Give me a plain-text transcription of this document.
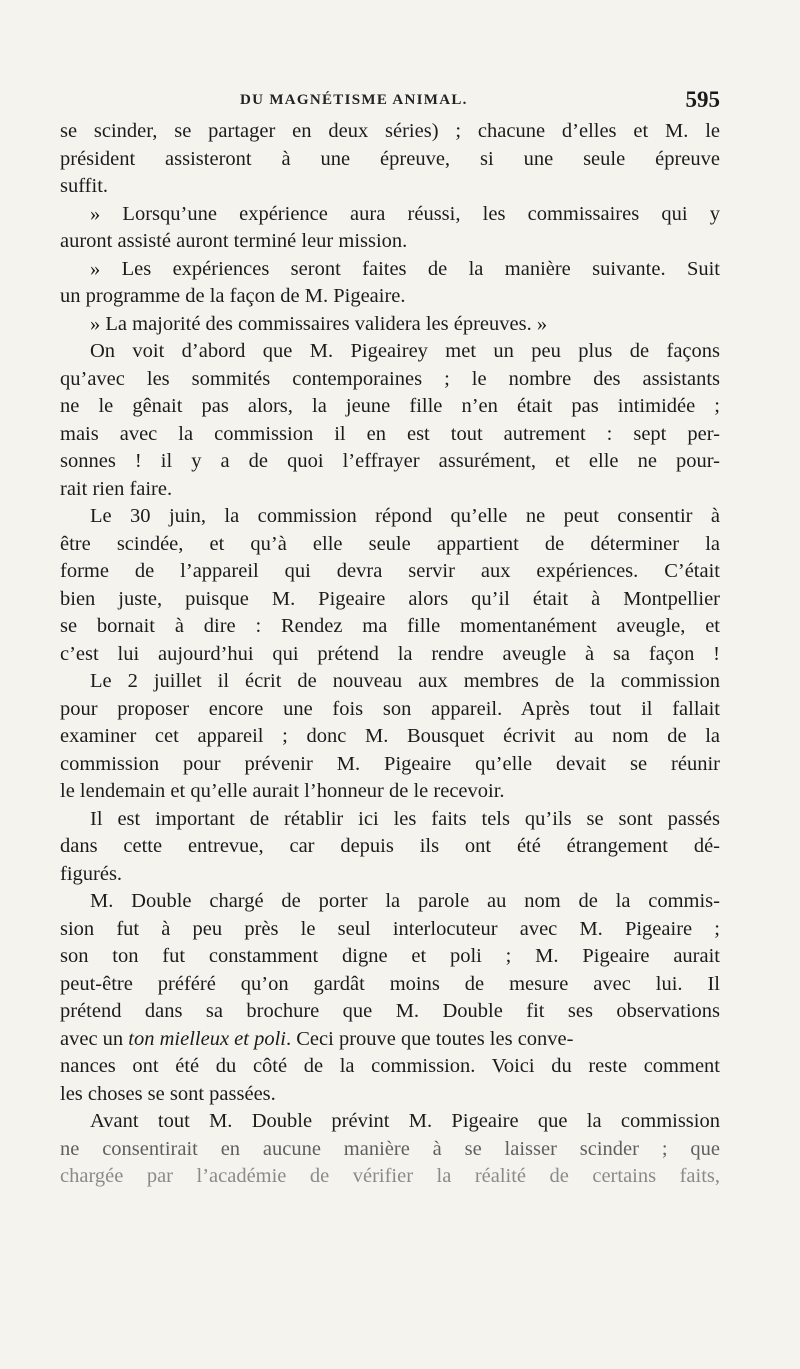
DU MAGNÉTISME ANIMAL.	595
se scinder, se partager en deux séries) ; chacune d’elles et M. le
président assisteront à une épreuve, si une seule épreuve
suffit.
» Lorsqu’une expérience aura réussi, les commissaires qui y
auront assisté auront terminé leur mission.
» Les expériences seront faites de la manière suivante. Suit
un programme de la façon de M. Pigeaire.
» La majorité des commissaires validera les épreuves. »
On voit d’abord que M. Pigeairey met un peu plus de façons
qu’avec les sommités contemporaines ; le nombre des assistants
ne le gênait pas alors, la jeune fille n’en était pas intimidée ;
mais avec la commission il en est tout autrement : sept per-
sonnes ! il y a de quoi l’effrayer assurément, et elle ne pour-
rait rien faire.
Le 30 juin, la commission répond qu’elle ne peut consentir à
être scindée, et qu’à elle seule appartient de déterminer la
forme de l’appareil qui devra servir aux expériences. C’était
bien juste, puisque M. Pigeaire alors qu’il était à Montpellier
se bornait à dire : Rendez ma fille momentanément aveugle, et
c’est lui aujourd’hui qui prétend la rendre aveugle à sa façon !
Le 2 juillet il écrit de nouveau aux membres de la commission
pour proposer encore une fois son appareil. Après tout il fallait
examiner cet appareil ; donc M. Bousquet écrivit au nom de la
commission pour prévenir M. Pigeaire qu’elle devait se réunir
le lendemain et qu’elle aurait l’honneur de le recevoir.
Il est important de rétablir ici les faits tels qu’ils se sont passés
dans cette entrevue, car depuis ils ont été étrangement dé-
figurés.
M. Double chargé de porter la parole au nom de la commis-
sion fut à peu près le seul interlocuteur avec M. Pigeaire ;
son ton fut constamment digne et poli ; M. Pigeaire aurait
peut-être préféré qu’on gardât moins de mesure avec lui. Il
prétend dans sa brochure que M. Double fit ses observations
avec un ton mielleux et poli. Ceci prouve que toutes les conve-
nances ont été du côté de la commission. Voici du reste comment
les choses se sont passées.
Avant tout M. Double prévint M. Pigeaire que la commission
ne consentirait en aucune manière à se laisser scinder ; que
chargée par l’académie de vérifier la réalité de certains faits,
